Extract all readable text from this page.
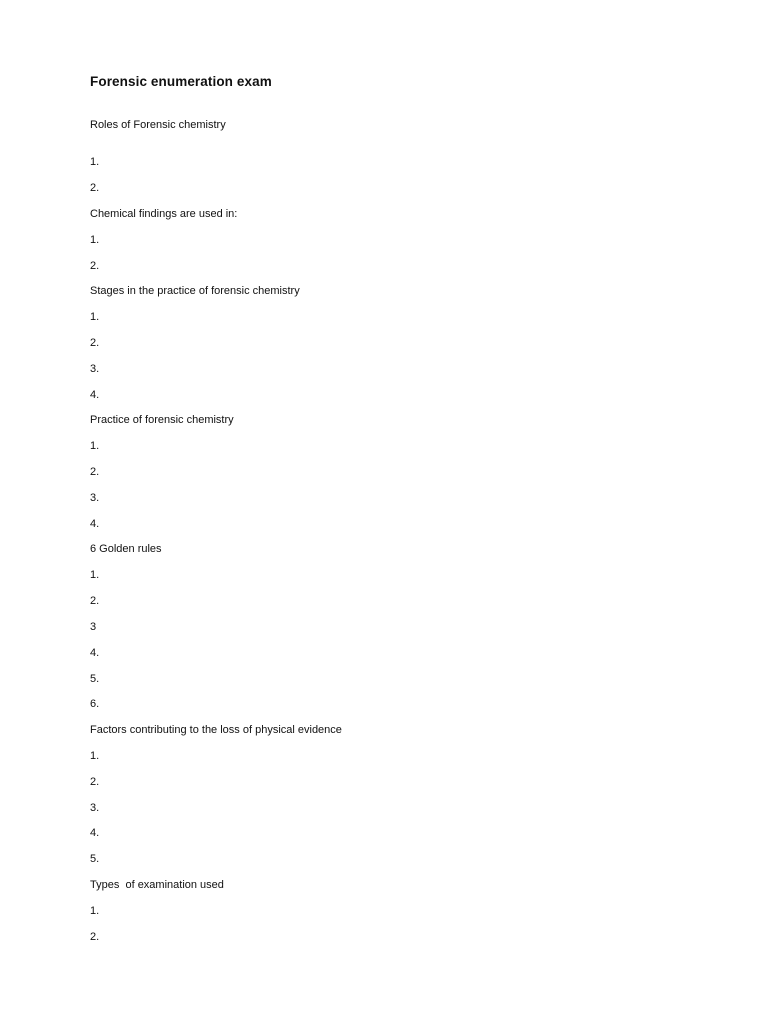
Forensic enumeration exam
Roles of Forensic chemistry
1.
2.
Chemical findings are used in:
1.
2.
Stages in the practice of forensic chemistry
1.
2.
3.
4.
Practice of forensic chemistry
1.
2.
3.
4.
6 Golden rules
1.
2.
3
4.
5.
6.
Factors contributing to the loss of physical evidence
1.
2.
3.
4.
5.
Types  of examination used
1.
2.
